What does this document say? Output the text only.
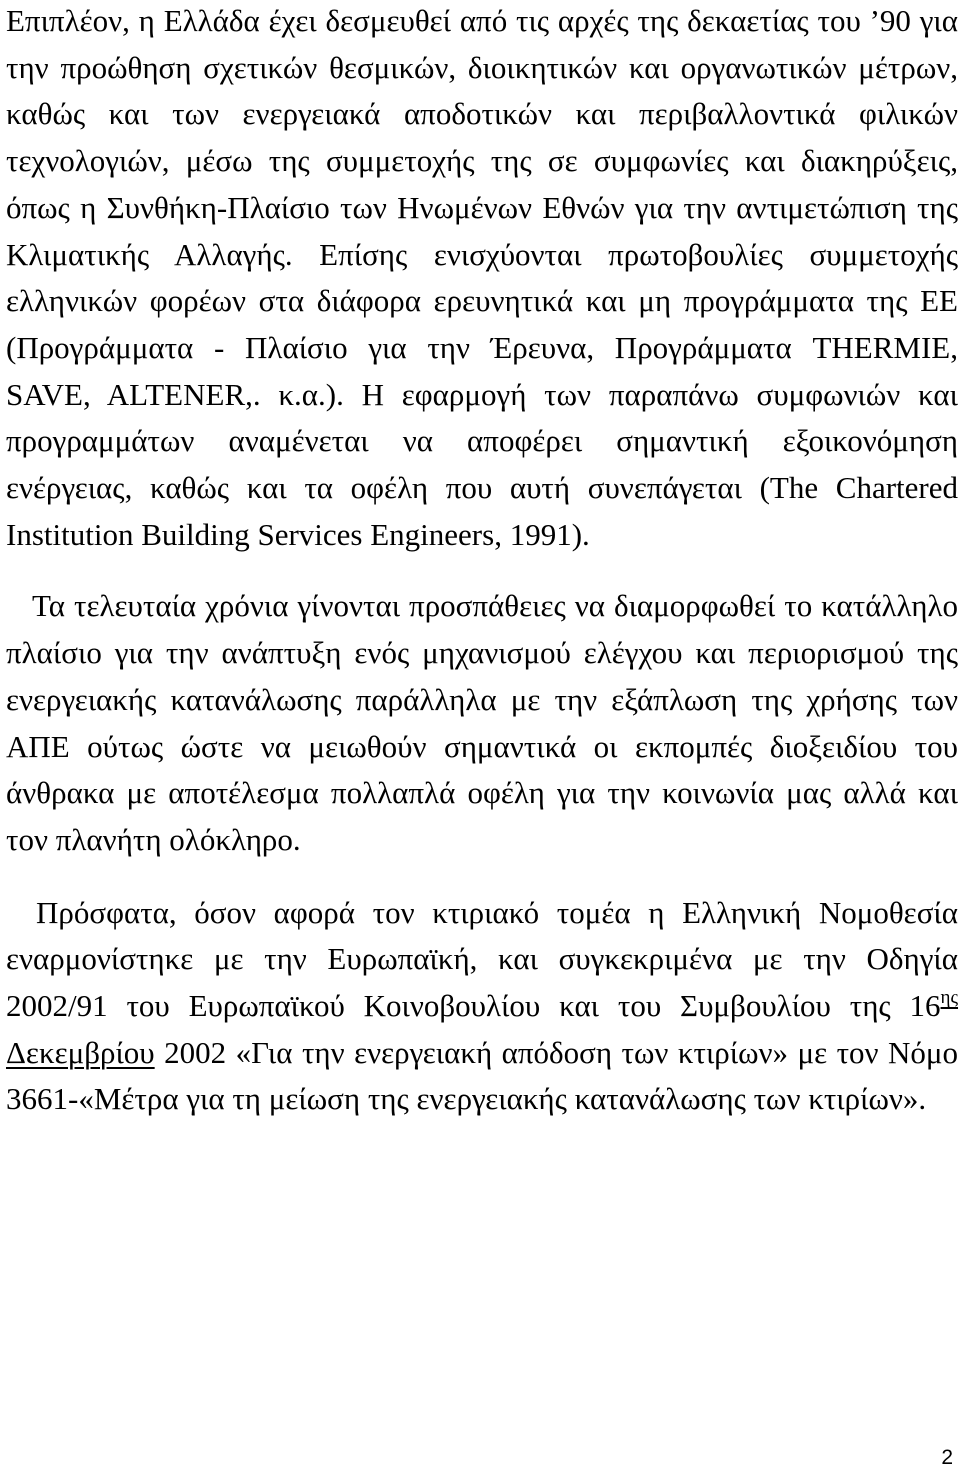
Επιπλέον, η Ελλάδα έχει δεσμευθεί από τις αρχές της δεκαετίας του ’90 για την προώθηση σχετικών θεσμικών, διοικητικών και οργανωτικών μέτρων, καθώς και των ενεργειακά αποδοτικών και περιβαλλοντικά φιλικών τεχνολογιών, μέσω της συμμετοχής της σε συμφωνίες και διακηρύξεις, όπως η Συνθήκη-Πλαίσιο των Ηνωμένων Εθνών για την αντιμετώπιση της Κλιματικής Αλλαγής. Επίσης ενισχύονται πρωτοβουλίες συμμετοχής ελληνικών φορέων στα διάφορα ερευνητικά και μη προγράμματα της ΕΕ (Προγράμματα - Πλαίσιο για την Έρευνα, Προγράμματα THERMIE, SAVE, ALTENER,. κ.α.). Η εφαρμογή των παραπάνω συμφωνιών και προγραμμάτων αναμένεται να αποφέρει σημαντική εξοικονόμηση ενέργειας, καθώς και τα οφέλη που αυτή συνεπάγεται (The Chartered Institution Building Services Engineers, 1991).

Τα τελευταία χρόνια γίνονται προσπάθειες να διαμορφωθεί το κατάλληλο πλαίσιο για την ανάπτυξη ενός μηχανισμού ελέγχου και περιορισμού της ενεργειακής κατανάλωσης παράλληλα με την εξάπλωση της χρήσης των ΑΠΕ ούτως ώστε να μειωθούν σημαντικά οι εκπομπές διοξειδίου του άνθρακα με αποτέλεσμα πολλαπλά οφέλη για την κοινωνία μας αλλά και τον πλανήτη ολόκληρο.

Πρόσφατα, όσον αφορά τον κτιριακό τομέα η Ελληνική Νομοθεσία εναρμονίστηκε με την Ευρωπαϊκή, και συγκεκριμένα με την Οδηγία 2002/91 του Ευρωπαϊκού Κοινοβουλίου και του Συμβουλίου της $16^{\eta\varsigma}$ Δεκεμβρίου 2002 «Για την ενεργειακή απόδοση των κτιρίων» με τον Νόμο 3661-«Μέτρα για τη μείωση της ενεργειακής κατανάλωσης των κτιρίων».

2
